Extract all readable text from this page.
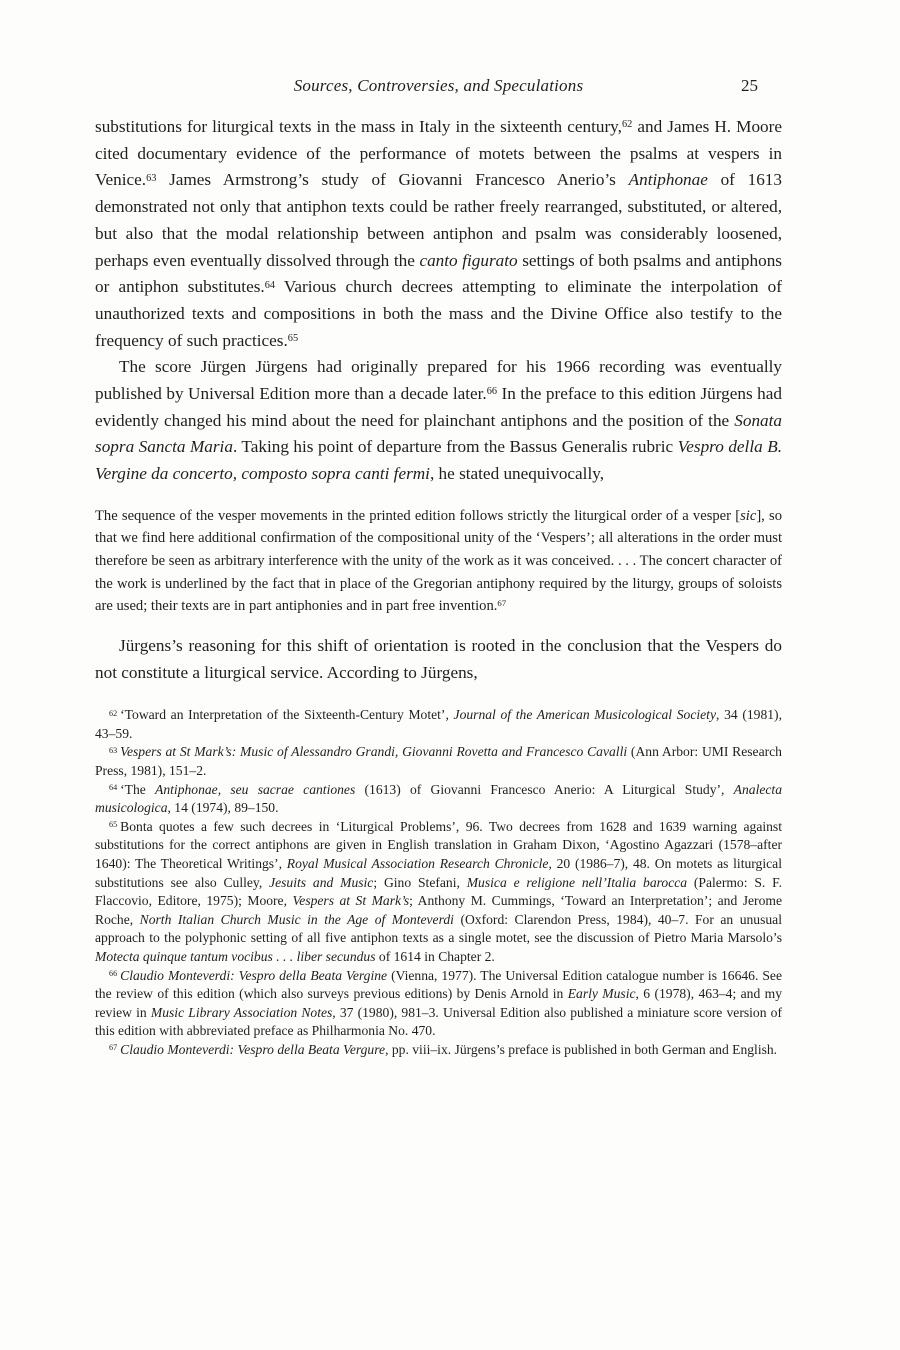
Sources, Controversies, and Speculations	25

substitutions for liturgical texts in the mass in Italy in the sixteenth century,$^{62}$ and James H. Moore cited documentary evidence of the performance of motets between the psalms at vespers in Venice.$^{63}$ James Armstrong’s study of Giovanni Francesco Anerio’s Antiphonae of 1613 demonstrated not only that antiphon texts could be rather freely rearranged, substituted, or altered, but also that the modal relationship between antiphon and psalm was considerably loosened, perhaps even eventually dissolved through the canto figurato settings of both psalms and antiphons or antiphon substitutes.$^{64}$ Various church decrees attempting to eliminate the interpolation of unauthorized texts and compositions in both the mass and the Divine Office also testify to the frequency of such practices.$^{65}$

The score Jürgen Jürgens had originally prepared for his 1966 recording was eventually published by Universal Edition more than a decade later.$^{66}$ In the preface to this edition Jürgens had evidently changed his mind about the need for plainchant antiphons and the position of the Sonata sopra Sancta Maria. Taking his point of departure from the Bassus Generalis rubric Vespro della B. Vergine da concerto, composto sopra canti fermi, he stated unequivocally,

The sequence of the vesper movements in the printed edition follows strictly the liturgical order of a vesper [sic], so that we find here additional confirmation of the compositional unity of the ‘Vespers’; all alterations in the order must therefore be seen as arbitrary interference with the unity of the work as it was conceived. . . . The concert character of the work is underlined by the fact that in place of the Gregorian antiphony required by the liturgy, groups of soloists are used; their texts are in part antiphonies and in part free invention.$^{67}$

Jürgens’s reasoning for this shift of orientation is rooted in the conclusion that the Vespers do not constitute a liturgical service. According to Jürgens,

$^{62}$ ‘Toward an Interpretation of the Sixteenth-Century Motet’, Journal of the American Musicological Society, 34 (1981), 43–59.

$^{63}$ Vespers at St Mark’s: Music of Alessandro Grandi, Giovanni Rovetta and Francesco Cavalli (Ann Arbor: UMI Research Press, 1981), 151–2.

$^{64}$ ‘The Antiphonae, seu sacrae cantiones (1613) of Giovanni Francesco Anerio: A Liturgical Study’, Analecta musicologica, 14 (1974), 89–150.

$^{65}$ Bonta quotes a few such decrees in ‘Liturgical Problems’, 96. Two decrees from 1628 and 1639 warning against substitutions for the correct antiphons are given in English translation in Graham Dixon, ‘Agostino Agazzari (1578–after 1640): The Theoretical Writings’, Royal Musical Association Research Chronicle, 20 (1986–7), 48. On motets as liturgical substitutions see also Culley, Jesuits and Music; Gino Stefani, Musica e religione nell’Italia barocca (Palermo: S. F. Flaccovio, Editore, 1975); Moore, Vespers at St Mark’s; Anthony M. Cummings, ‘Toward an Interpretation’; and Jerome Roche, North Italian Church Music in the Age of Monteverdi (Oxford: Clarendon Press, 1984), 40–7. For an unusual approach to the polyphonic setting of all five antiphon texts as a single motet, see the discussion of Pietro Maria Marsolo’s Motecta quinque tantum vocibus . . . liber secundus of 1614 in Chapter 2.

$^{66}$ Claudio Monteverdi: Vespro della Beata Vergine (Vienna, 1977). The Universal Edition catalogue number is 16646. See the review of this edition (which also surveys previous editions) by Denis Arnold in Early Music, 6 (1978), 463–4; and my review in Music Library Association Notes, 37 (1980), 981–3. Universal Edition also published a miniature score version of this edition with abbreviated preface as Philharmonia No. 470.

$^{67}$ Claudio Monteverdi: Vespro della Beata Vergure, pp. viii–ix. Jürgens’s preface is published in both German and English.
